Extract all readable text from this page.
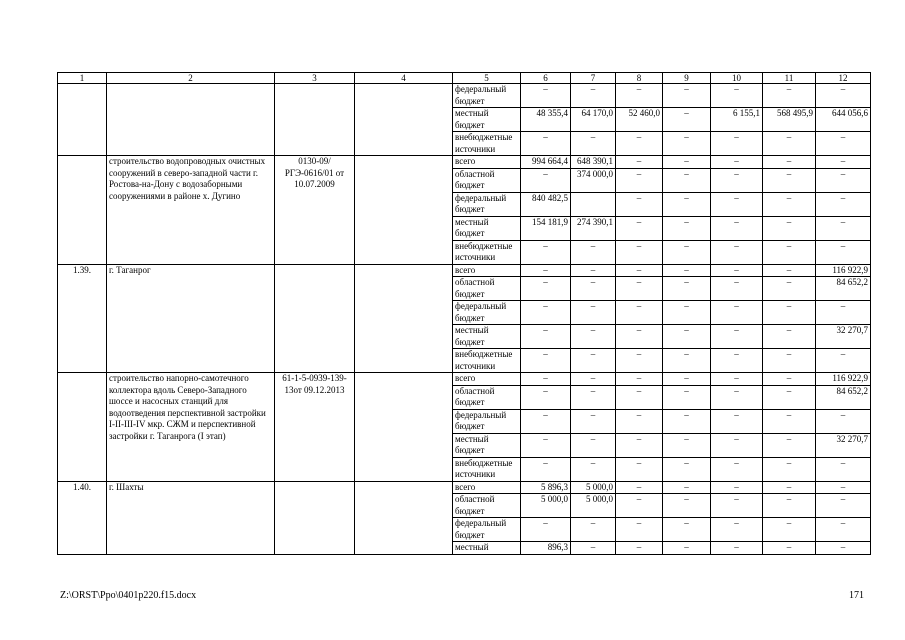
1	2	3	4	5	6	7	8	9	10	11	12
				федеральный бюджет	–	–	–	–	–	–	–
				местный бюджет	48 355,4	64 170,0	52 460,0	–	6 155,1	568 495,9	644 056,6
				внебюджетные источники	–	–	–	–	–	–	–
	строительство водопроводных очистных сооружений в северо-западной части г. Ростова-на-Дону с водозаборными сооружениями в районе х. Дугино	0130-09/РГЭ-0616/01 от 10.07.2009		всего	994 664,4	648 390,1	–	–	–	–	–
				областной бюджет	–	374 000,0	–	–	–	–	–
				федеральный бюджет	840 482,5		–	–	–	–	–
				местный бюджет	154 181,9	274 390,1	–	–	–	–	–
				внебюджетные источники	–	–	–	–	–	–	–
1.39.	г. Таганрог			всего	–	–	–	–	–	–	116 922,9
				областной бюджет	–	–	–	–	–	–	84 652,2
				федеральный бюджет	–	–	–	–	–	–	–
				местный бюджет	–	–	–	–	–	–	32 270,7
				внебюджетные источники	–	–	–	–	–	–	–
	строительство напорно-самотечного коллектора вдоль Северо-Западного шоссе и насосных станций для водоотведения перспективной застройки I-II-III-IV мкр. СЖМ и перспективной застройки г. Таганрога (I этап)	61-1-5-0939-139-13от 09.12.2013		всего	–	–	–	–	–	–	116 922,9
				областной бюджет	–	–	–	–	–	–	84 652,2
				федеральный бюджет	–	–	–	–	–	–	–
				местный бюджет	–	–	–	–	–	–	32 270,7
				внебюджетные источники	–	–	–	–	–	–	–
1.40.	г. Шахты			всего	5 896,3	5 000,0	–	–	–	–	–
				областной бюджет	5 000,0	5 000,0	–	–	–	–	–
				федеральный бюджет	–	–	–	–	–	–	–
				местный	896,3	–	–	–	–	–	–
Z:\ORST\Ppo\0401p220.f15.docx	171
